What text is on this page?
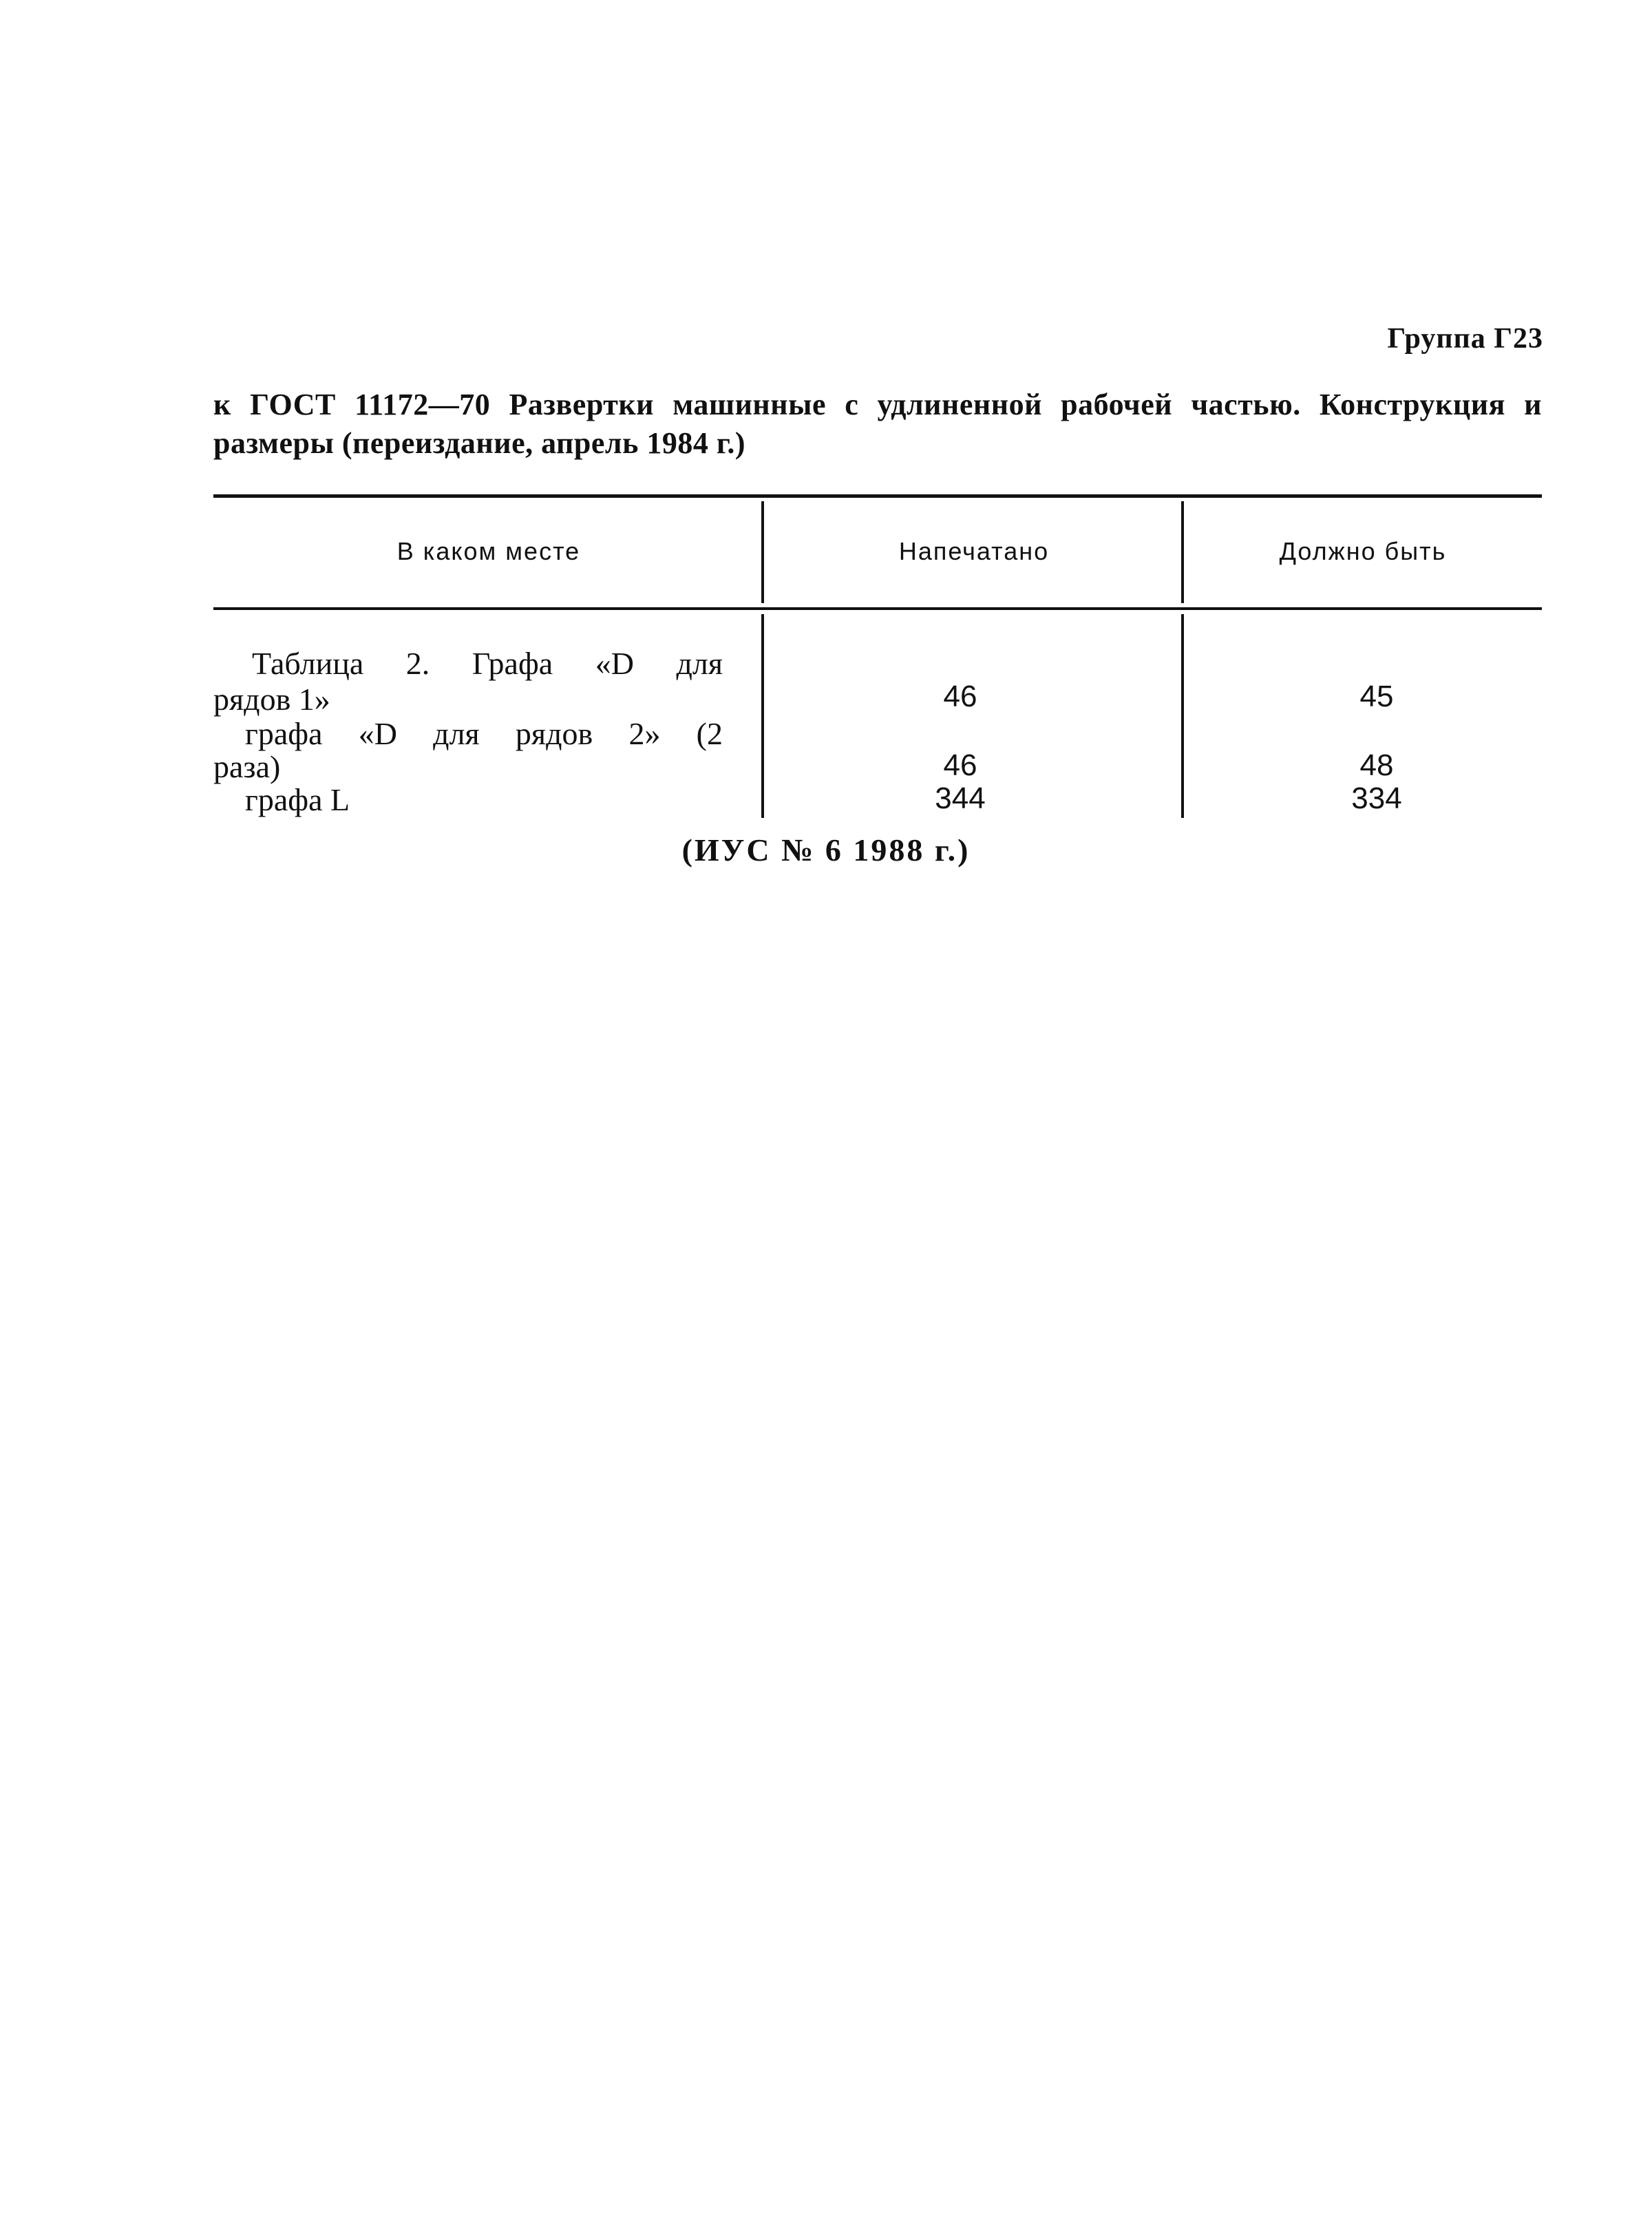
Группа Г23
к ГОСТ 11172—70 Развертки машинные с удлиненной рабочей частью. Конструкция и размеры (переиздание, апрель 1984 г.)
В каком месте	Напечатано	Должно быть
Таблица 2. Графа «D для
рядов 1»	46	45
графа «D для рядов 2» (2
раза)	46	48
графа L	344	334
(ИУС № 6 1988 г.)
